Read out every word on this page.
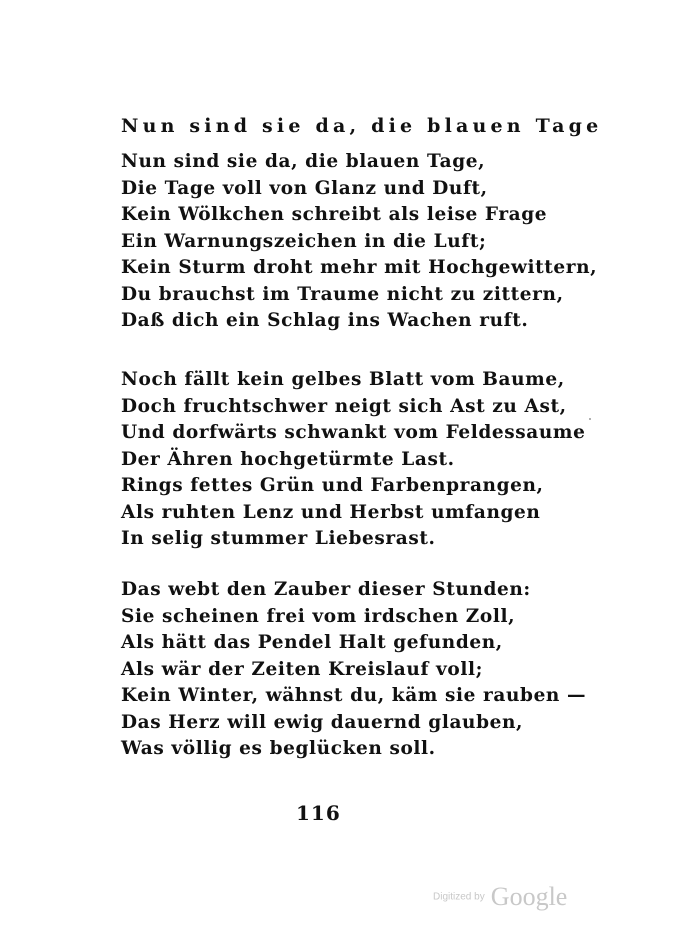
Nun sind sie da, die blauen Tage
Nun sind sie da, die blauen Tage,
Die Tage voll von Glanz und Duft,
Kein Wölkchen schreibt als leise Frage
Ein Warnungszeichen in die Luft;
Kein Sturm droht mehr mit Hochgewittern,
Du brauchst im Traume nicht zu zittern,
Daß dich ein Schlag ins Wachen ruft.
Noch fällt kein gelbes Blatt vom Baume,
Doch fruchtschwer neigt sich Ast zu Ast,
Und dorfwärts schwankt vom Feldessaume
Der Ähren hochgetürmte Last.
Rings fettes Grün und Farbenprangen,
Als ruhten Lenz und Herbst umfangen
In selig stummer Liebesrast.
Das webt den Zauber dieser Stunden:
Sie scheinen frei vom irdschen Zoll,
Als hätt das Pendel Halt gefunden,
Als wär der Zeiten Kreislauf voll;
Kein Winter, wähnst du, käm sie rauben —
Das Herz will ewig dauernd glauben,
Was völlig es beglücken soll.
116
Digitized by Google
